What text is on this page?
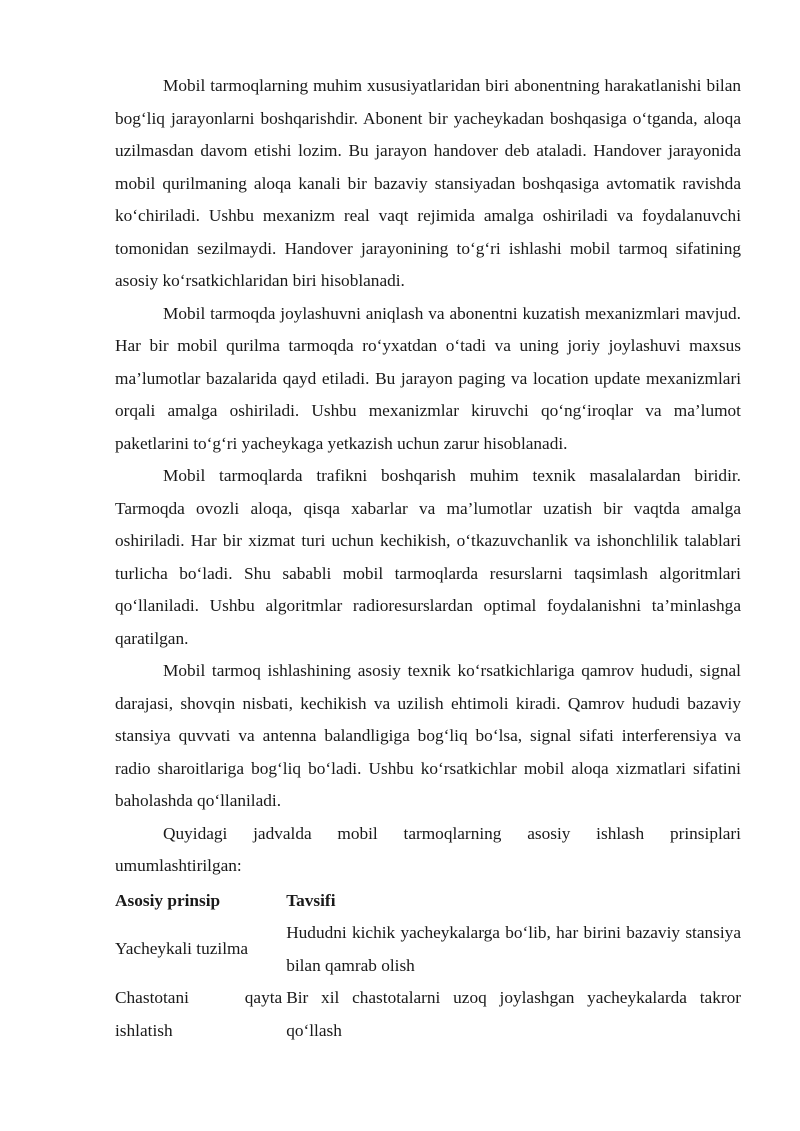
Mobil tarmoqlarning muhim xususiyatlaridan biri abonentning harakatlanishi bilan bog‘liq jarayonlarni boshqarishdir. Abonent bir yacheykadan boshqasiga o‘tganda, aloqa uzilmasdan davom etishi lozim. Bu jarayon handover deb ataladi. Handover jarayonida mobil qurilmaning aloqa kanali bir bazaviy stansiyadan boshqasiga avtomatik ravishda ko‘chiriladi. Ushbu mexanizm real vaqt rejimida amalga oshiriladi va foydalanuvchi tomonidan sezilmaydi. Handover jarayonining to‘g‘ri ishlashi mobil tarmoq sifatining asosiy ko‘rsatkichlaridan biri hisoblanadi.

Mobil tarmoqda joylashuvni aniqlash va abonentni kuzatish mexanizmlari mavjud. Har bir mobil qurilma tarmoqda ro‘yxatdan o‘tadi va uning joriy joylashuvi maxsus ma’lumotlar bazalarida qayd etiladi. Bu jarayon paging va location update mexanizmlari orqali amalga oshiriladi. Ushbu mexanizmlar kiruvchi qo‘ng‘iroqlar va ma’lumot paketlarini to‘g‘ri yacheykaga yetkazish uchun zarur hisoblanadi.

Mobil tarmoqlarda trafikni boshqarish muhim texnik masalalardan biridir. Tarmoqda ovozli aloqa, qisqa xabarlar va ma’lumotlar uzatish bir vaqtda amalga oshiriladi. Har bir xizmat turi uchun kechikish, o‘tkazuvchanlik va ishonchlilik talablari turlicha bo‘ladi. Shu sababli mobil tarmoqlarda resurslarni taqsimlash algoritmlari qo‘llaniladi. Ushbu algoritmlar radioresurslardan optimal foydalanishni ta’minlashga qaratilgan.

Mobil tarmoq ishlashining asosiy texnik ko‘rsatkichlariga qamrov hududi, signal darajasi, shovqin nisbati, kechikish va uzilish ehtimoli kiradi. Qamrov hududi bazaviy stansiya quvvati va antenna balandligiga bog‘liq bo‘lsa, signal sifati interferensiya va radio sharoitlariga bog‘liq bo‘ladi. Ushbu ko‘rsatkichlar mobil aloqa xizmatlari sifatini baholashda qo‘llaniladi.

Quyidagi jadvalda mobil tarmoqlarning asosiy ishlash prinsiplari umumlashtirilgan:

Asosiy prinsip	Tavsifi
Yacheykali tuzilma	Hududni kichik yacheykalarga bo‘lib, har birini bazaviy stansiya bilan qamrab olish
Chastotani qayta ishlatish	Bir xil chastotalarni uzoq joylashgan yacheykalarda takror qo‘llash
